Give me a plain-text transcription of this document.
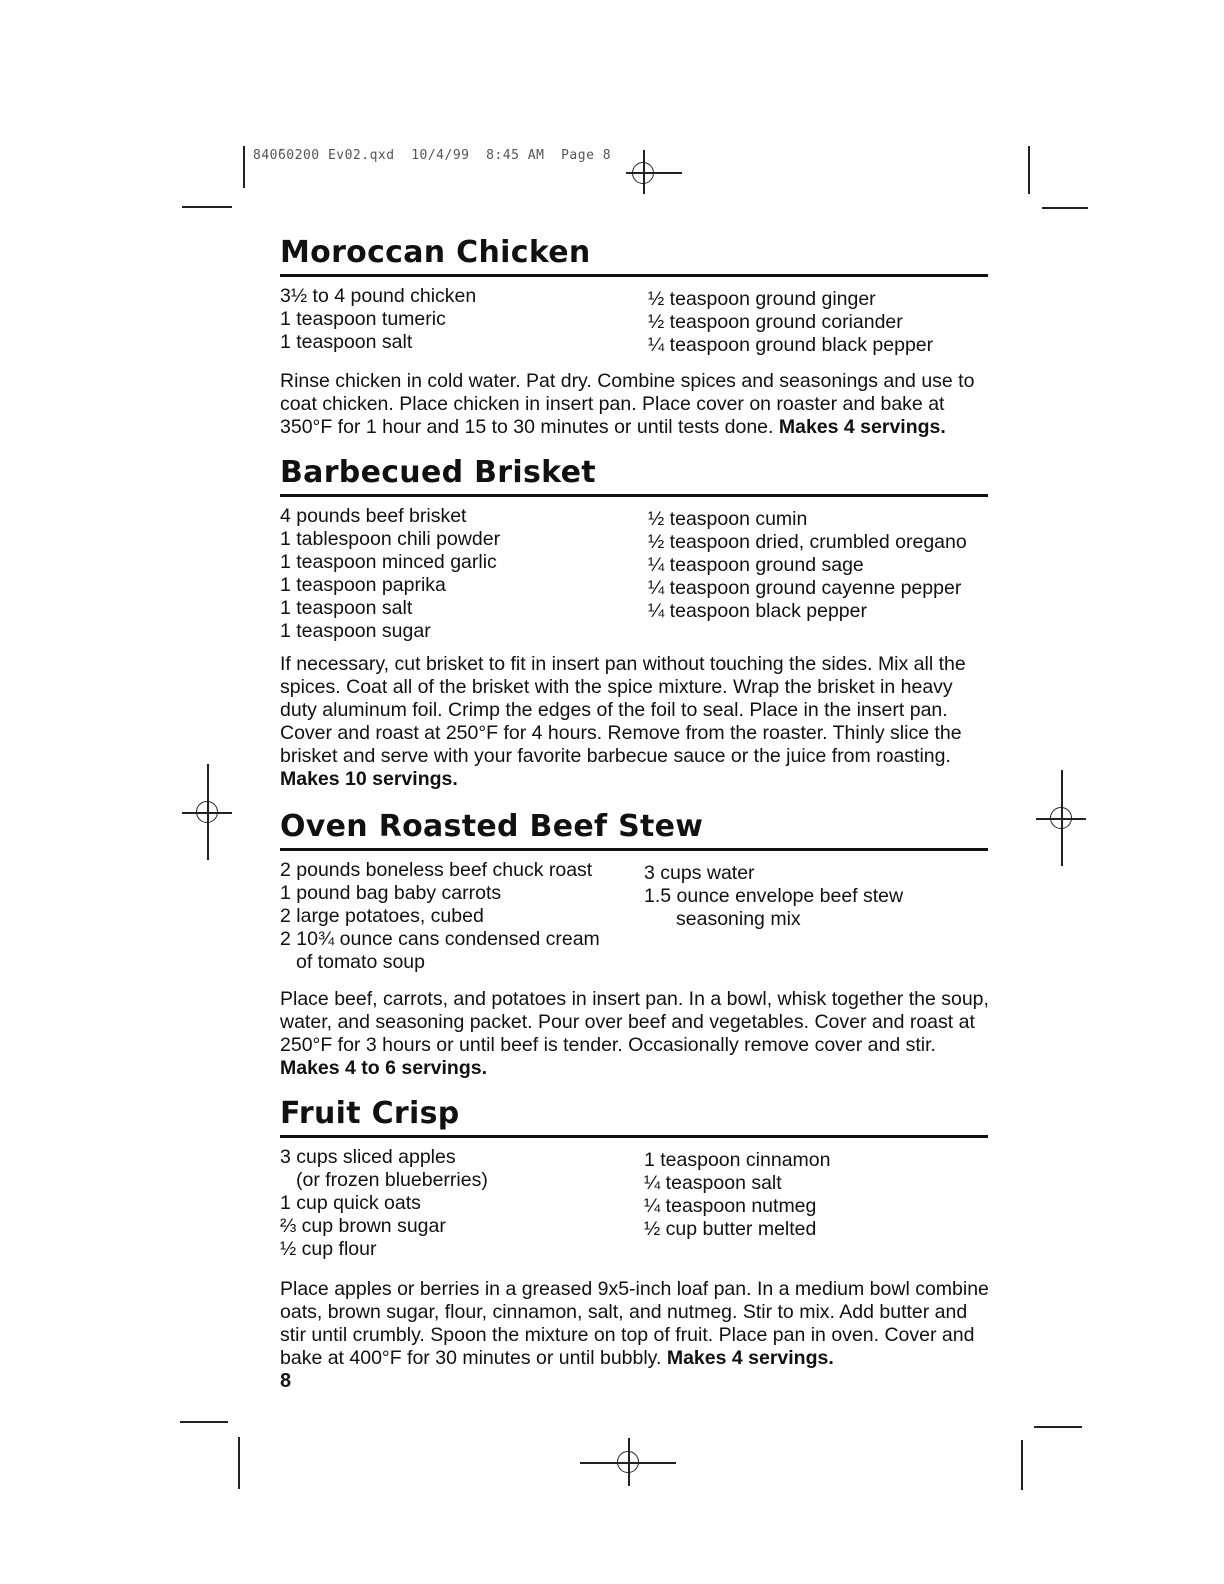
840̃60200 Ev02.qxd  10/4/99  8:45 AM  Page 8
Moroccan Chicken
3½ to 4 pound chicken
1 teaspoon tumeric
1 teaspoon salt
½ teaspoon ground ginger
½ teaspoon ground coriander
¼ teaspoon ground black pepper
Rinse chicken in cold water. Pat dry. Combine spices and seasonings and use to coat chicken. Place chicken in insert pan. Place cover on roaster and bake at 350°F for 1 hour and 15 to 30 minutes or until tests done. Makes 4 servings.
Barbecued Brisket
4 pounds beef brisket
1 tablespoon chili powder
1 teaspoon minced garlic
1 teaspoon paprika
1 teaspoon salt
1 teaspoon sugar
½ teaspoon cumin
½ teaspoon dried, crumbled oregano
¼ teaspoon ground sage
¼ teaspoon ground cayenne pepper
¼ teaspoon black pepper
If necessary, cut brisket to fit in insert pan without touching the sides. Mix all the spices. Coat all of the brisket with the spice mixture. Wrap the brisket in heavy duty aluminum foil. Crimp the edges of the foil to seal. Place in the insert pan. Cover and roast at 250°F for 4 hours. Remove from the roaster. Thinly slice the brisket and serve with your favorite barbecue sauce or the juice from roasting. Makes 10 servings.
Oven Roasted Beef Stew
2 pounds boneless beef chuck roast
1 pound bag baby carrots
2 large potatoes, cubed
2 10¾ ounce cans condensed cream
of tomato soup
3 cups water
1.5 ounce envelope beef stew
seasoning mix
Place beef, carrots, and potatoes in insert pan. In a bowl, whisk together the soup, water, and seasoning packet. Pour over beef and vegetables. Cover and roast at 250°F for 3 hours or until beef is tender. Occasionally remove cover and stir. Makes 4 to 6 servings.
Fruit Crisp
3 cups sliced apples
(or frozen blueberries)
1 cup quick oats
⅔ cup brown sugar
½ cup flour
1 teaspoon cinnamon
¼ teaspoon salt
¼ teaspoon nutmeg
½ cup butter melted
Place apples or berries in a greased 9x5-inch loaf pan. In a medium bowl combine oats, brown sugar, flour, cinnamon, salt, and nutmeg. Stir to mix. Add butter and stir until crumbly. Spoon the mixture on top of fruit. Place pan in oven. Cover and bake at 400°F for 30 minutes or until bubbly. Makes 4 servings.
8
